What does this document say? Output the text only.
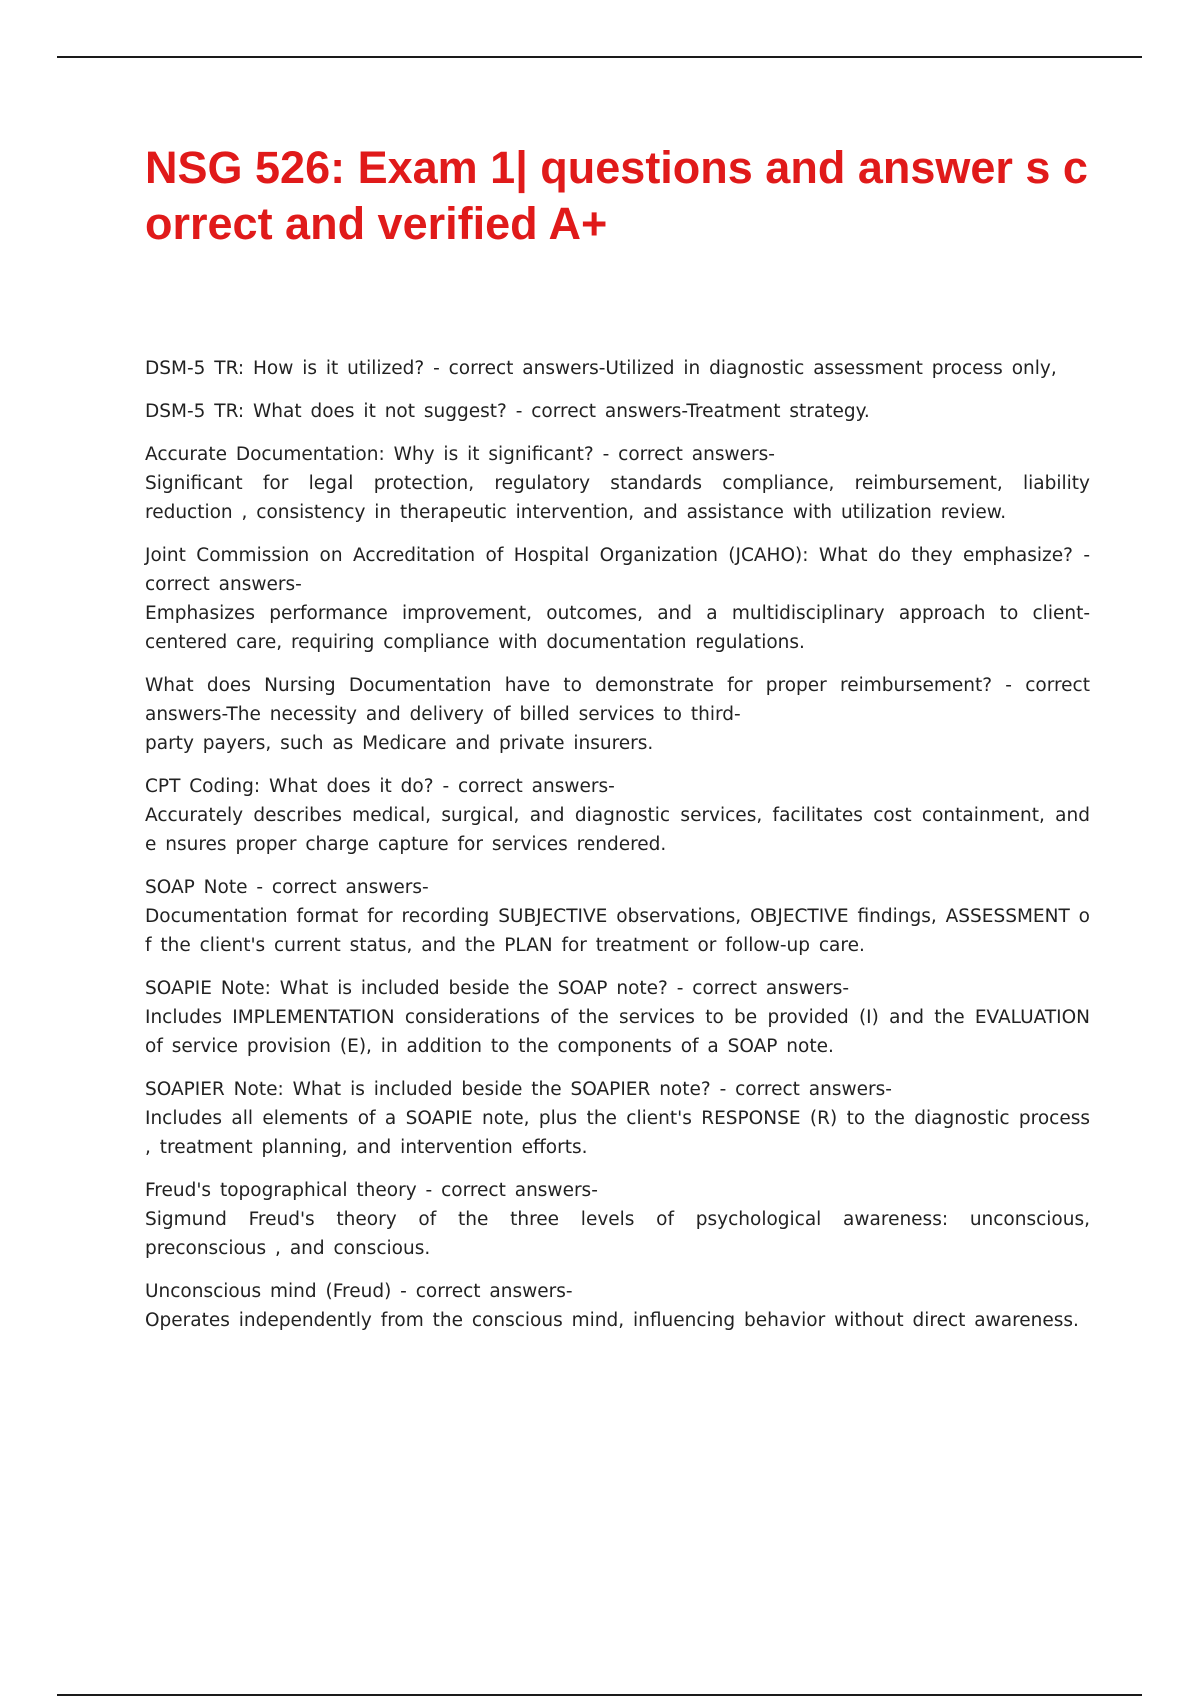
NSG 526: Exam 1| questions and answer s correct and verified A+

DSM-5 TR: How is it utilized? - correct answers-Utilized in diagnostic assessment process only,

DSM-5 TR: What does it not suggest? - correct answers-Treatment strategy.

Accurate Documentation: Why is it significant? - correct answers-

Significant for legal protection, regulatory standards compliance, reimbursement, liability reduction , consistency in therapeutic intervention, and assistance with utilization review.

Joint Commission on Accreditation of Hospital Organization (JCAHO): What do they emphasize? - correct answers-

Emphasizes performance improvement, outcomes, and a multidisciplinary approach to client-centered care, requiring compliance with documentation regulations.

What does Nursing Documentation have to demonstrate for proper reimbursement? - correct answers-The necessity and delivery of billed services to third-

party payers, such as Medicare and private insurers.

CPT Coding: What does it do? - correct answers-

Accurately describes medical, surgical, and diagnostic services, facilitates cost containment, and e nsures proper charge capture for services rendered.

SOAP Note - correct answers-

Documentation format for recording SUBJECTIVE observations, OBJECTIVE findings, ASSESSMENT o f the client's current status, and the PLAN for treatment or follow-up care.

SOAPIE Note: What is included beside the SOAP note? - correct answers-

Includes IMPLEMENTATION considerations of the services to be provided (I) and the EVALUATION of service provision (E), in addition to the components of a SOAP note.

SOAPIER Note: What is included beside the SOAPIER note? - correct answers-

Includes all elements of a SOAPIE note, plus the client's RESPONSE (R) to the diagnostic process , treatment planning, and intervention efforts.

Freud's topographical theory - correct answers-

Sigmund Freud's theory of the three levels of psychological awareness: unconscious, preconscious , and conscious.

Unconscious mind (Freud) - correct answers-

Operates independently from the conscious mind, influencing behavior without direct awareness.
